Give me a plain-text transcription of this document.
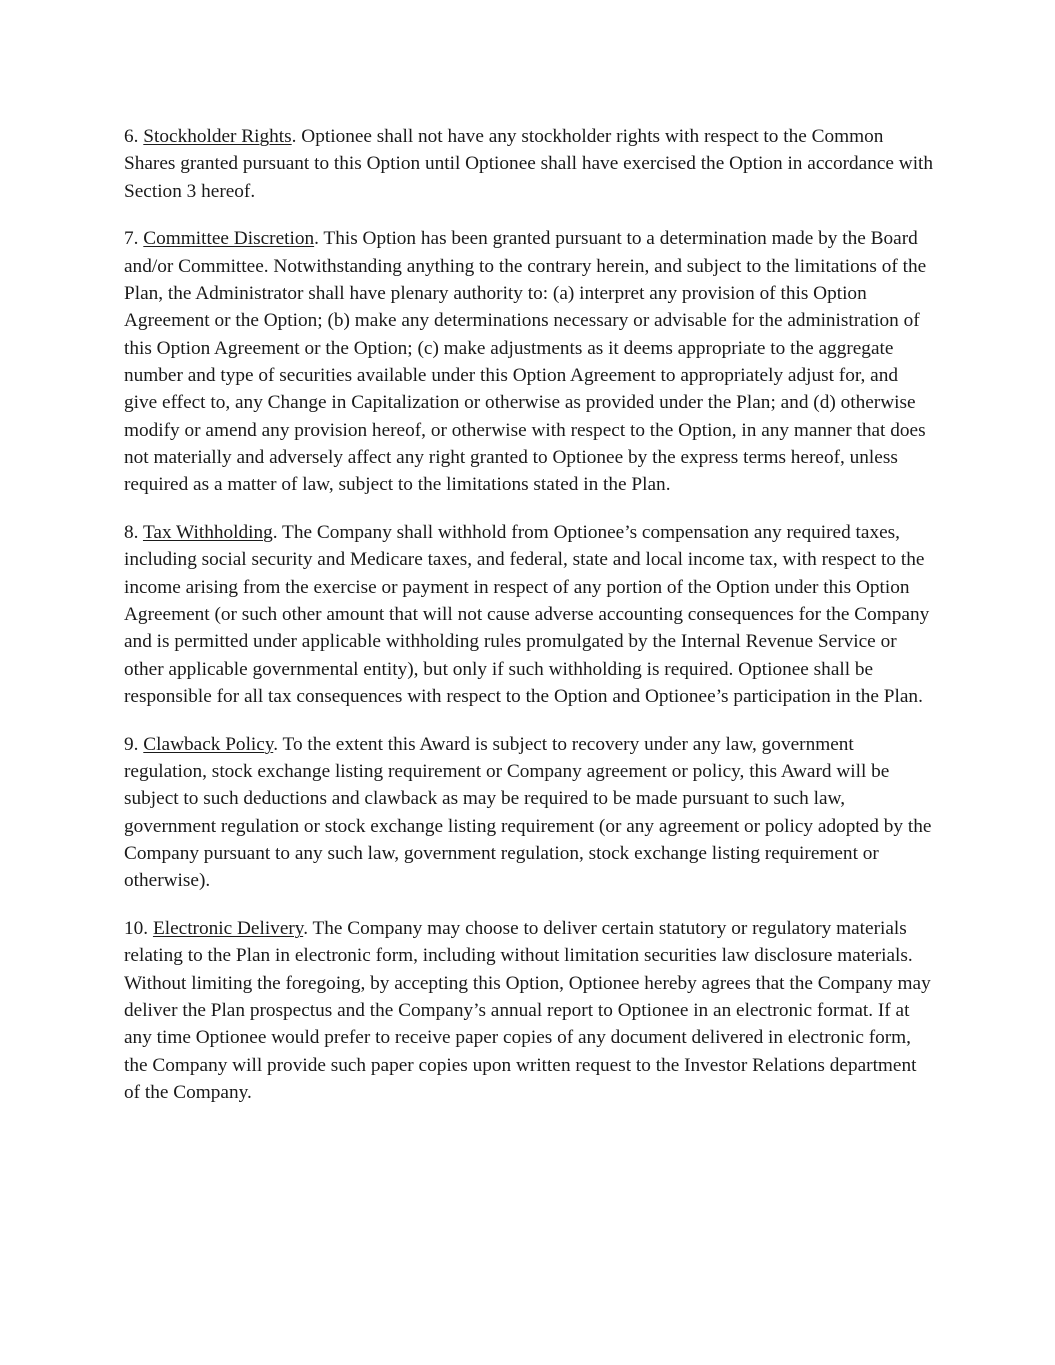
6. Stockholder Rights. Optionee shall not have any stockholder rights with respect to the Common Shares granted pursuant to this Option until Optionee shall have exercised the Option in accordance with Section 3 hereof.

7. Committee Discretion. This Option has been granted pursuant to a determination made by the Board and/or Committee. Notwithstanding anything to the contrary herein, and subject to the limitations of the Plan, the Administrator shall have plenary authority to: (a) interpret any provision of this Option Agreement or the Option; (b) make any determinations necessary or advisable for the administration of this Option Agreement or the Option; (c) make adjustments as it deems appropriate to the aggregate number and type of securities available under this Option Agreement to appropriately adjust for, and give effect to, any Change in Capitalization or otherwise as provided under the Plan; and (d) otherwise modify or amend any provision hereof, or otherwise with respect to the Option, in any manner that does not materially and adversely affect any right granted to Optionee by the express terms hereof, unless required as a matter of law, subject to the limitations stated in the Plan.

8. Tax Withholding. The Company shall withhold from Optionee’s compensation any required taxes, including social security and Medicare taxes, and federal, state and local income tax, with respect to the income arising from the exercise or payment in respect of any portion of the Option under this Option Agreement (or such other amount that will not cause adverse accounting consequences for the Company and is permitted under applicable withholding rules promulgated by the Internal Revenue Service or other applicable governmental entity), but only if such withholding is required. Optionee shall be responsible for all tax consequences with respect to the Option and Optionee’s participation in the Plan.

9. Clawback Policy. To the extent this Award is subject to recovery under any law, government regulation, stock exchange listing requirement or Company agreement or policy, this Award will be subject to such deductions and clawback as may be required to be made pursuant to such law, government regulation or stock exchange listing requirement (or any agreement or policy adopted by the Company pursuant to any such law, government regulation, stock exchange listing requirement or otherwise).

10. Electronic Delivery. The Company may choose to deliver certain statutory or regulatory materials relating to the Plan in electronic form, including without limitation securities law disclosure materials. Without limiting the foregoing, by accepting this Option, Optionee hereby agrees that the Company may deliver the Plan prospectus and the Company’s annual report to Optionee in an electronic format. If at any time Optionee would prefer to receive paper copies of any document delivered in electronic form, the Company will provide such paper copies upon written request to the Investor Relations department of the Company.
